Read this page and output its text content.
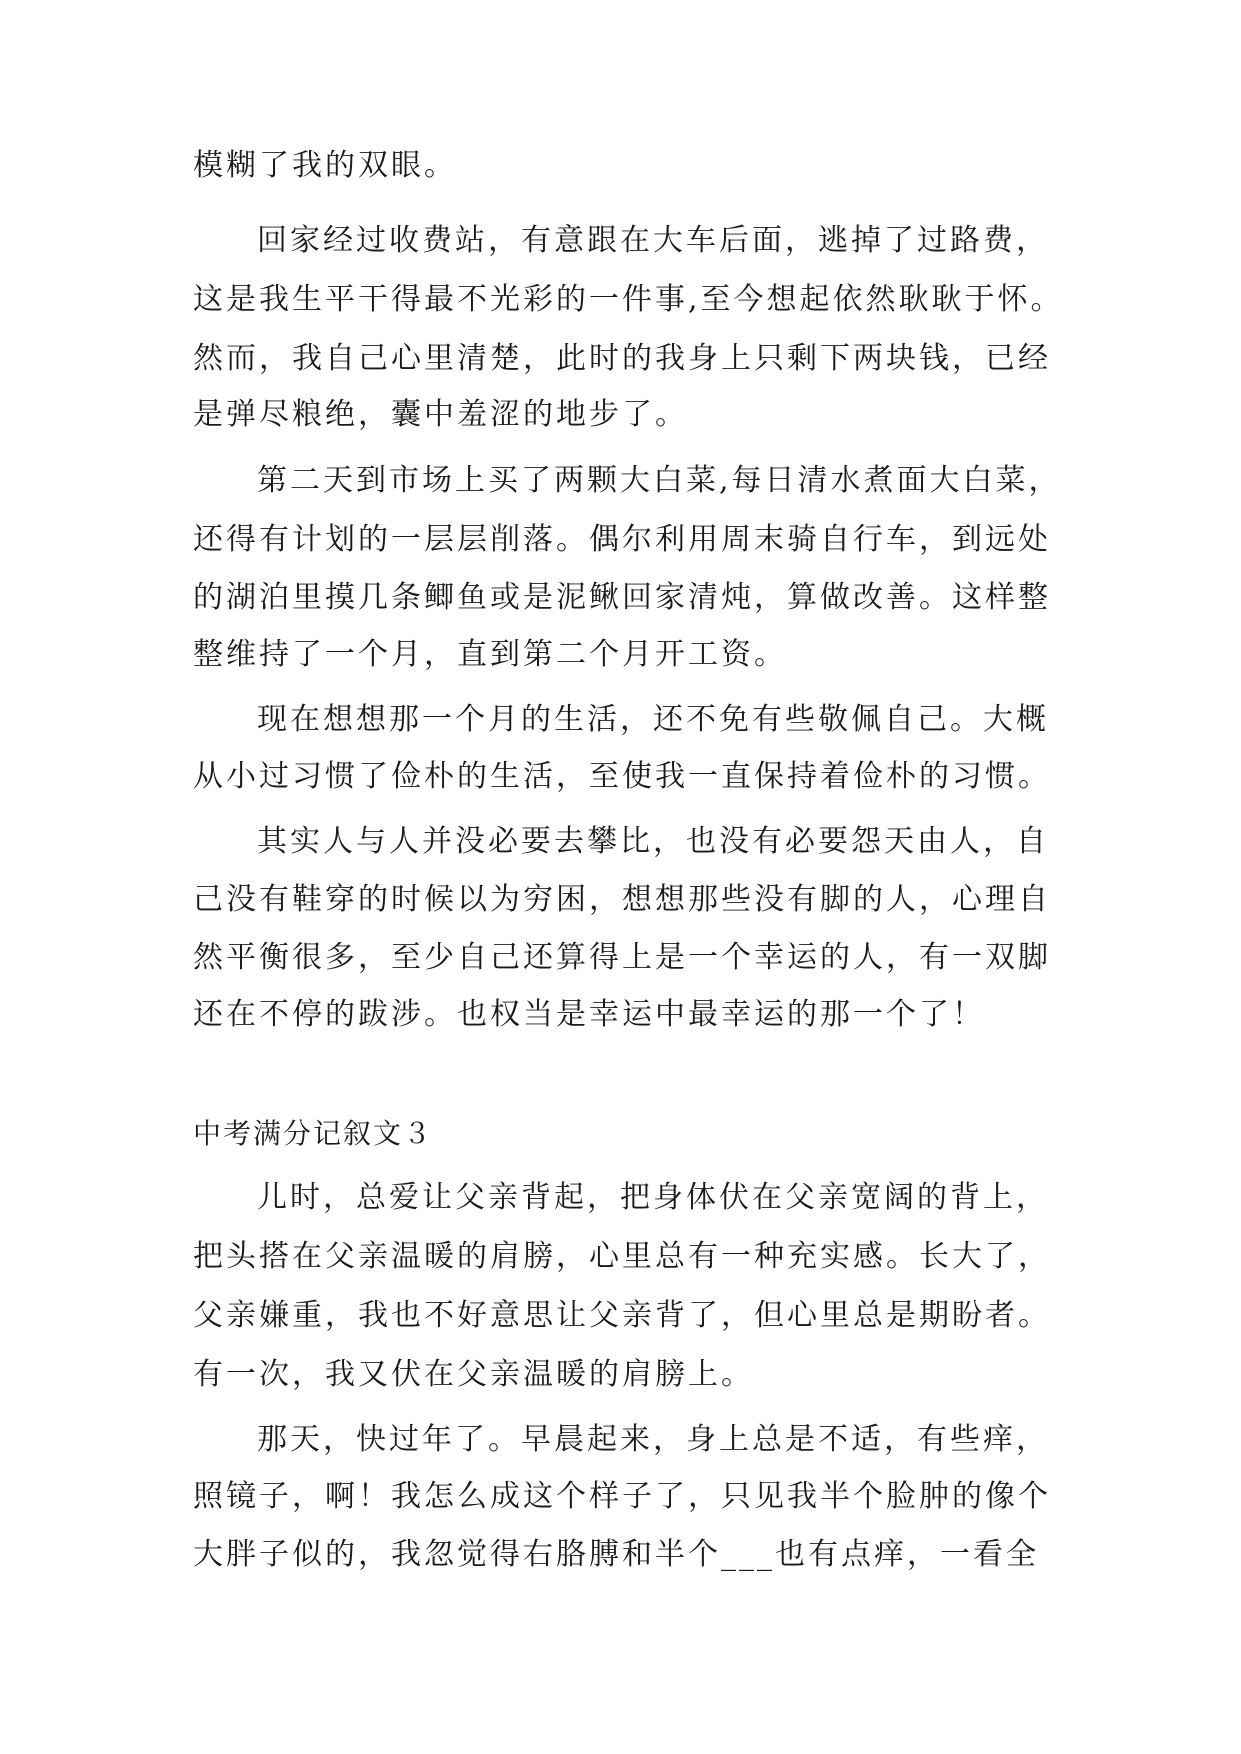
模糊了我的双眼。
回家经过收费站，有意跟在大车后面，逃掉了过路费，
这是我生平干得最不光彩的一件事,至今想起依然耿耿于怀。
然而，我自己心里清楚，此时的我身上只剩下两块钱，已经
是弹尽粮绝，囊中羞涩的地步了。
第二天到市场上买了两颗大白菜,每日清水煮面大白菜，
还得有计划的一层层削落。偶尔利用周末骑自行车，到远处
的湖泊里摸几条鲫鱼或是泥鳅回家清炖，算做改善。这样整
整维持了一个月，直到第二个月开工资。
现在想想那一个月的生活，还不免有些敬佩自己。大概
从小过习惯了俭朴的生活，至使我一直保持着俭朴的习惯。
其实人与人并没必要去攀比，也没有必要怨天由人，自
己没有鞋穿的时候以为穷困，想想那些没有脚的人，心理自
然平衡很多，至少自己还算得上是一个幸运的人，有一双脚
还在不停的跋涉。也权当是幸运中最幸运的那一个了！
中考满分记叙文３
儿时，总爱让父亲背起，把身体伏在父亲宽阔的背上，
把头搭在父亲温暖的肩膀，心里总有一种充实感。长大了，
父亲嫌重，我也不好意思让父亲背了，但心里总是期盼者。
有一次，我又伏在父亲温暖的肩膀上。
那天，快过年了。早晨起来，身上总是不适，有些痒，
照镜子，啊！我怎么成这个样子了，只见我半个脸肿的像个
大胖子似的，我忽觉得右胳膊和半个___也有点痒，一看全
